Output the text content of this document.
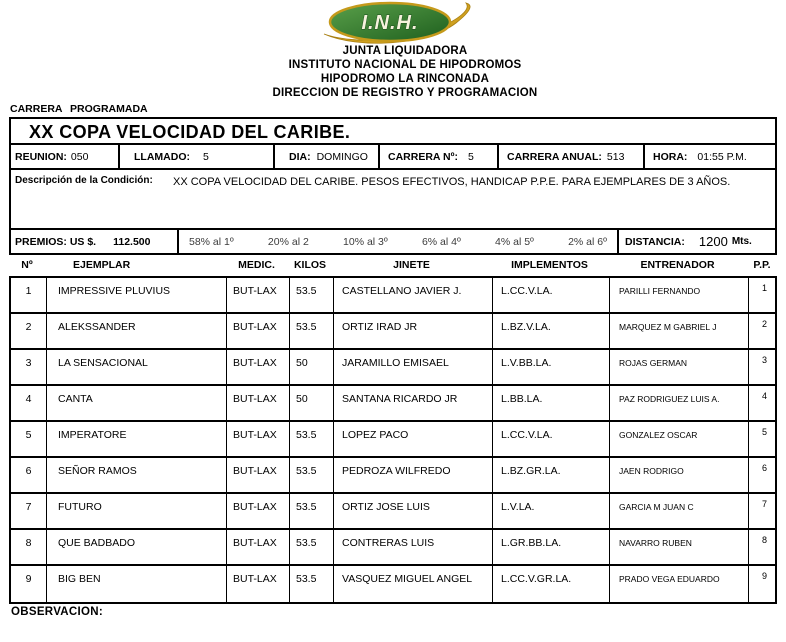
I.N.H.
JUNTA LIQUIDADORA
INSTITUTO NACIONAL DE HIPODROMOS
HIPODROMO LA RINCONADA
DIRECCION DE REGISTRO Y PROGRAMACION
CARRERA PROGRAMADA
XX COPA VELOCIDAD DEL CARIBE.
REUNION: 050	LLAMADO: 5	DIA: DOMINGO CARRERA Nº: 5	CARRERA ANUAL: 513	HORA: 01:55 P.M.
Descripción de la Condición:	XX COPA VELOCIDAD DEL CARIBE. PESOS EFECTIVOS, HANDICAP P.P.E. PARA EJEMPLARES DE 3 AÑOS.
PREMIOS: US $. 112.500	58% al 1º	20% al 2	10% al 3º	6% al 4º	4% al 5º	2% al 6º DISTANCIA: 1200 Mts.
Nº	EJEMPLAR	MEDIC.	KILOS	JINETE	IMPLEMENTOS	ENTRENADOR	P.P.
1	IMPRESSIVE PLUVIUS	BUT-LAX	53.5	CASTELLANO JAVIER J.	L.CC.V.LA.	PARILLI FERNANDO	1
2	ALEKSSANDER	BUT-LAX	53.5	ORTIZ IRAD JR	L.BZ.V.LA.	MARQUEZ M GABRIEL J	2
3	LA SENSACIONAL	BUT-LAX	50	JARAMILLO EMISAEL	L.V.BB.LA.	ROJAS GERMAN	3
4	CANTA	BUT-LAX	50	SANTANA RICARDO JR	L.BB.LA.	PAZ RODRIGUEZ LUIS A.	4
5	IMPERATORE	BUT-LAX	53.5	LOPEZ PACO	L.CC.V.LA.	GONZALEZ OSCAR	5
6	SEÑOR RAMOS	BUT-LAX	53.5	PEDROZA WILFREDO	L.BZ.GR.LA.	JAEN RODRIGO	6
7	FUTURO	BUT-LAX	53.5	ORTIZ JOSE LUIS	L.V.LA.	GARCIA M JUAN C	7
8	QUE BADBADO	BUT-LAX	53.5	CONTRERAS LUIS	L.GR.BB.LA.	NAVARRO RUBEN	8
9	BIG BEN	BUT-LAX	53.5	VASQUEZ MIGUEL ANGEL	L.CC.V.GR.LA.	PRADO VEGA EDUARDO	9
OBSERVACION:
